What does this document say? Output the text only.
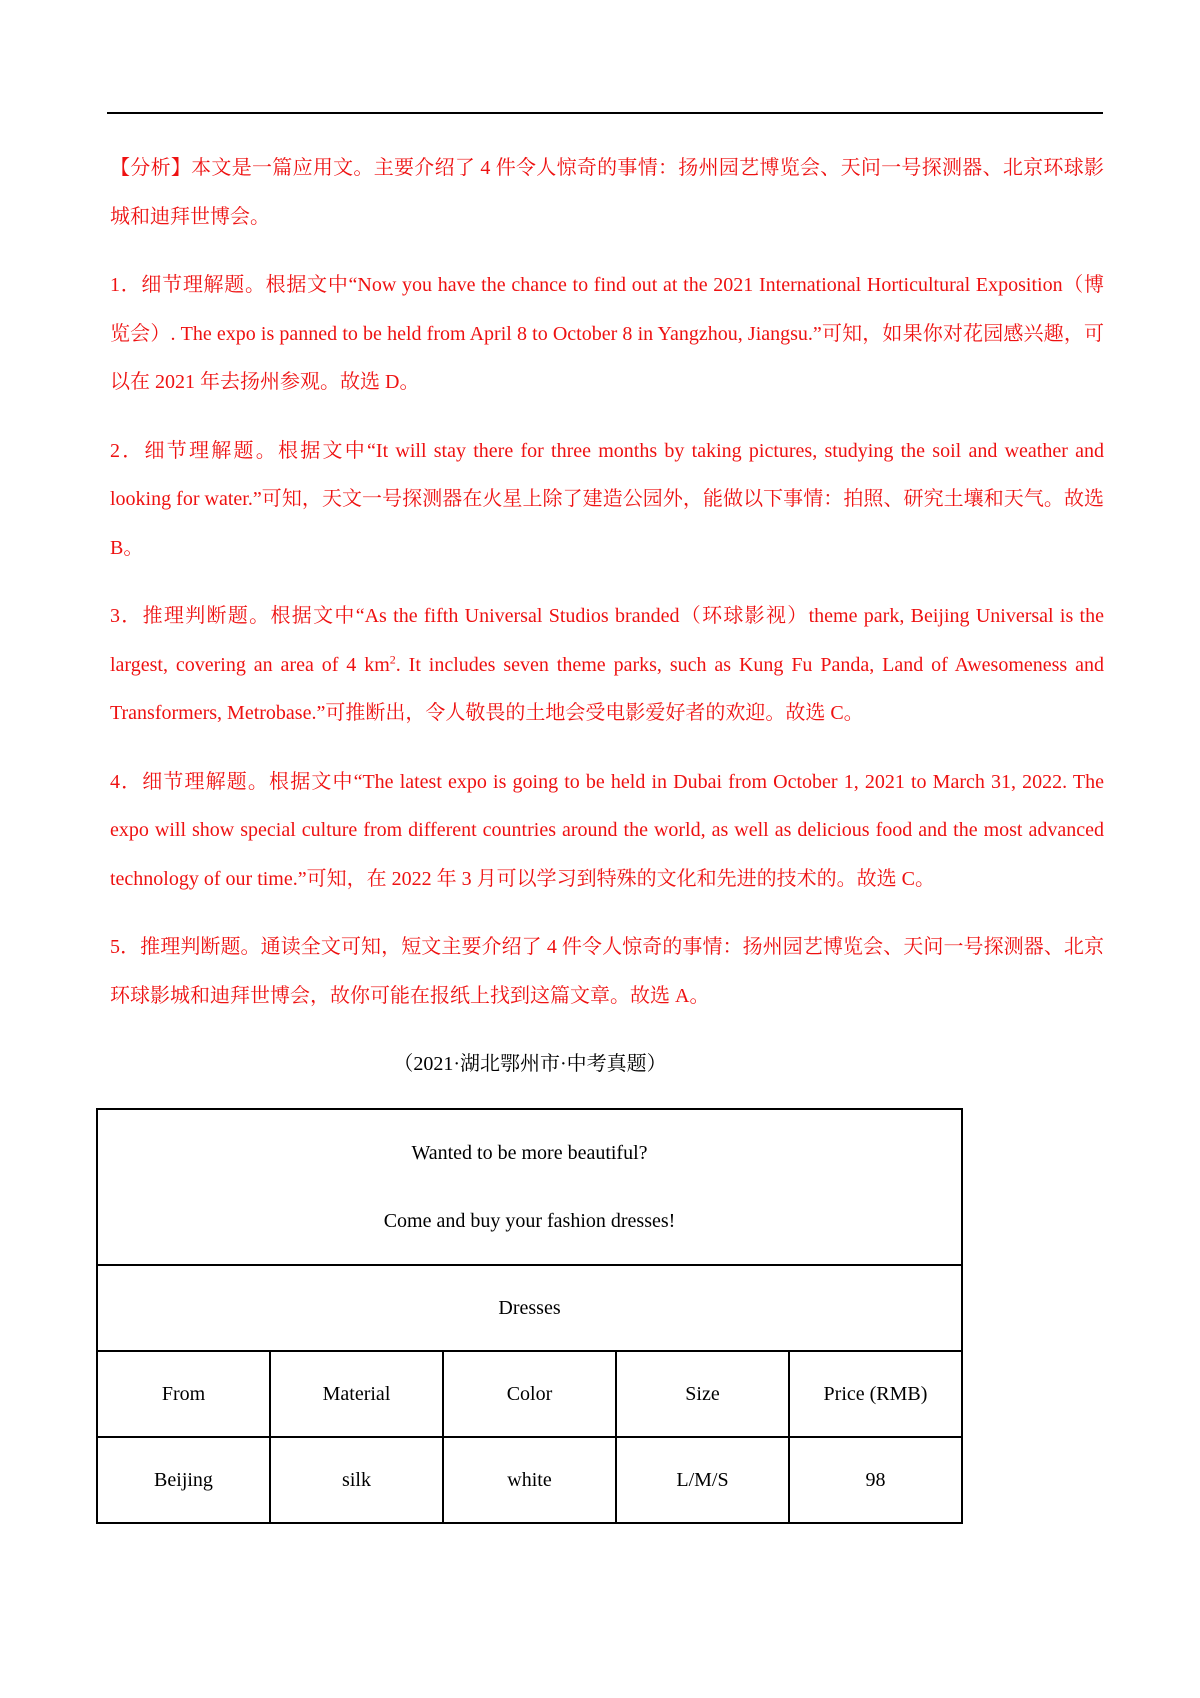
【分析】本文是一篇应用文。主要介绍了 4 件令人惊奇的事情：扬州园艺博览会、天问一号探测器、北京环球影城和迪拜世博会。

1．细节理解题。根据文中“Now you have the chance to find out at the 2021 International Horticultural Exposition（博览会）. The expo is panned to be held from April 8 to October 8 in Yangzhou, Jiangsu.”可知，如果你对花园感兴趣，可以在 2021 年去扬州参观。故选 D。

2．细节理解题。根据文中“It will stay there for three months by taking pictures, studying the soil and weather and looking for water.”可知，天文一号探测器在火星上除了建造公园外，能做以下事情：拍照、研究土壤和天气。故选 B。

3．推理判断题。根据文中“As the fifth Universal Studios branded（环球影视）theme park, Beijing Universal is the largest, covering an area of 4 $km^2$. It includes seven theme parks, such as Kung Fu Panda, Land of Awesomeness and Transformers, Metrobase.”可推断出，令人敬畏的土地会受电影爱好者的欢迎。故选 C。

4．细节理解题。根据文中“The latest expo is going to be held in Dubai from October 1, 2021 to March 31, 2022. The expo will show special culture from different countries around the world, as well as delicious food and the most advanced technology of our time.”可知，在 2022 年 3 月可以学习到特殊的文化和先进的技术的。故选 C。

5．推理判断题。通读全文可知，短文主要介绍了 4 件令人惊奇的事情：扬州园艺博览会、天问一号探测器、北京环球影城和迪拜世博会，故你可能在报纸上找到这篇文章。故选 A。

（2021·湖北鄂州市·中考真题）
Wanted to be more beautiful?
Come and buy your fashion dresses!				

Dresses				
From	Material	Color	Size	Price (RMB)
Beijing	silk	white	L/M/S	98
